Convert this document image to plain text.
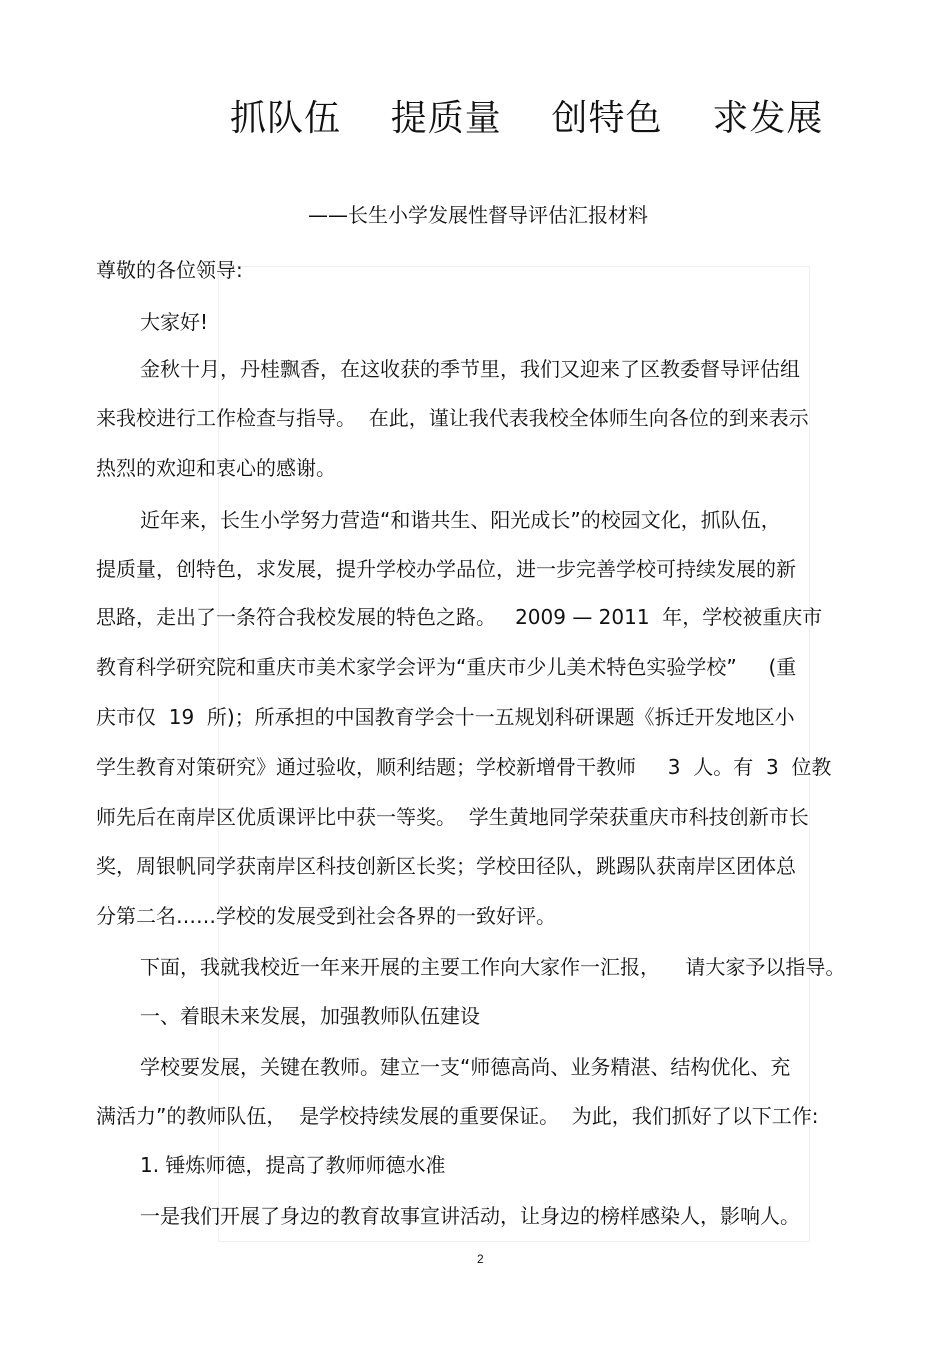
抓队伍    提质量    创特色    求发展
——长生小学发展性督导评估汇报材料
尊敬的各位领导:
大家好!
金秋十月，丹桂飘香，在这收获的季节里，我们又迎来了区教委督导评估组
来我校进行工作检查与指导。  在此，谨让我代表我校全体师生向各位的到来表示
热烈的欢迎和衷心的感谢。
近年来，长生小学努力营造“和谐共生、阳光成长”的校园文化，抓队伍，
提质量，创特色，求发展，提升学校办学品位，进一步完善学校可持续发展的新
思路，走出了一条符合我校发展的特色之路。   2009 — 2011  年，学校被重庆市
教育科学研究院和重庆市美术家学会评为“重庆市少儿美术特色实验学校”     (重
庆市仅  19  所)；所承担的中国教育学会十一五规划科研课题《拆迁开发地区小
学生教育对策研究》通过验收，顺利结题；学校新增骨干教师     3  人。有  3  位教
师先后在南岸区优质课评比中获一等奖。  学生黄地同学荣获重庆市科技创新市长
奖，周银帆同学获南岸区科技创新区长奖；学校田径队，跳踢队获南岸区团体总
分第二名……学校的发展受到社会各界的一致好评。
下面，我就我校近一年来开展的主要工作向大家作一汇报，    请大家予以指导。
一、着眼未来发展，加强教师队伍建设
学校要发展，关键在教师。建立一支“师德高尚、业务精湛、结构优化、充
满活力”的教师队伍，  是学校持续发展的重要保证。  为此，我们抓好了以下工作:
1. 锤炼师德，提高了教师师德水准
一是我们开展了身边的教育故事宣讲活动，让身边的榜样感染人，影响人。
2
